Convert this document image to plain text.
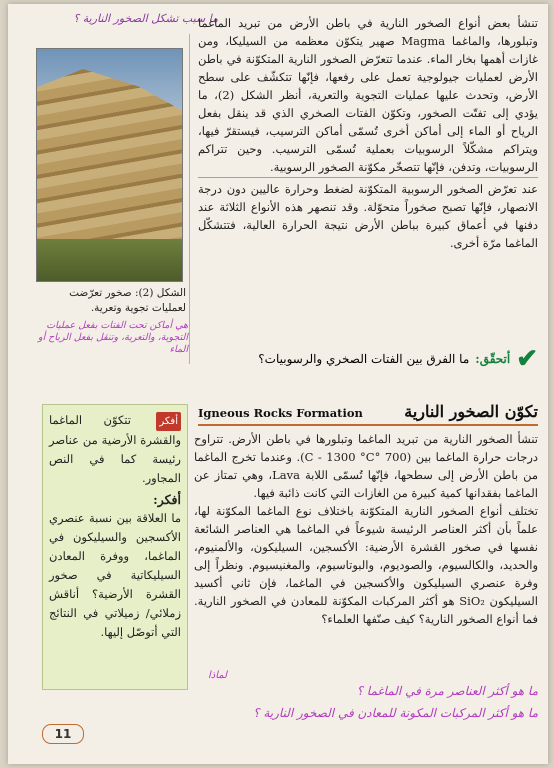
ما سبب تشكل الصخور النارية ؟

تنشأ بعض أنواع الصخور النارية في باطن الأرض من تبريد الماغما وتبلورها، والماغما Magma صهير يتكوّن معظمه من السيليكا، ومن غازات أهمها بخار الماء. عندما تتعرّض الصخور النارية المتكوّنة في باطن الأرض لعمليات جيولوجية تعمل على رفعها، فإنّها تتكشّف على سطح الأرض، وتحدث عليها عمليات التجوية والتعرية، أنظر الشكل (2)، ما يؤدي إلى تفتّت الصخور، وتكوّن الفتات الصخري الذي قد ينقل بفعل الرياح أو الماء إلى أماكن أخرى تُسمّى أماكن الترسيب، فيستقرّ فيها، ويتراكم مشكّلاً الرسوبيات بعملية تُسمّى الترسيب. وحين تتراكم الرسوبيات، وتدفن، فإنّها تتصخّر مكوّنة الصخور الرسوبية.

عند تعرّض الصخور الرسوبية المتكوّنة لضغط وحرارة عاليين دون درجة الانصهار، فإنّها تصبح صخوراً متحوّلة. وقد تنصهر هذه الأنواع الثلاثة عند دفنها في أعماق كبيرة بباطن الأرض نتيجة الحرارة العالية، فتتشكّل الماغما مرّة أخرى.

الشكل (2): صخور تعرّضت لعمليات تجوية وتعرية.
هي أماكن تحت الفتات بفعل عمليات التجوية، والتعرية، وتنقل بفعل الرياح أو الماء	✔
أتحقّق:
ما الفرق بين الفتات الصخري والرسوبيات؟
تكوّن الصخور النارية
Igneous Rocks Formation

تنشأ الصخور النارية من تبريد الماغما وتبلورها في باطن الأرض. تتراوح درجات حرارة الماغما بين (700 °C - 1300 °C). وعندما تخرج الماغما من باطن الأرض إلى سطحها، فإنّها تُسمّى اللابة Lava، وهي تمتاز عن الماغما بفقدانها كمية كبيرة من الغازات التي كانت ذائبة فيها.

تختلف أنواع الصخور النارية المتكوّنة باختلاف نوع الماغما المكوّنة لها، علماً بأن أكثر العناصر الرئيسة شيوعاً في الماغما هي العناصر الشائعة نفسها في صخور القشرة الأرضية: الأكسجين، السيليكون، والألمنيوم، والحديد، والكالسيوم، والصوديوم، والبوتاسيوم، والمغنيسيوم. ونظراً إلى وفرة عنصري السيليكون والأكسجين في الماغما، فإن ثاني أكسيد السيليكون SiO₂ هو أكثر المركبات المكوّنة للمعادن في الصخور النارية. فما أنواع الصخور النارية؟ كيف صنّفها العلماء؟

أفكر تتكوّن الماغما والقشرة الأرضية من عناصر رئيسة كما في النص المجاور.
أفكر:
ما العلاقة بين نسبة عنصري الأكسجين والسيليكون في الماغما، ووفرة المعادن السيليكاتية في صخور القشرة الأرضية؟ أناقش زملائي/ زميلاتي في النتائج التي أتوصّل إليها.
لماذا
ما هو أكثر العناصر مرة في الماغما ؟
ما هو أكثر المركبات المكونة للمعادن في الصخور النارية ؟
11
